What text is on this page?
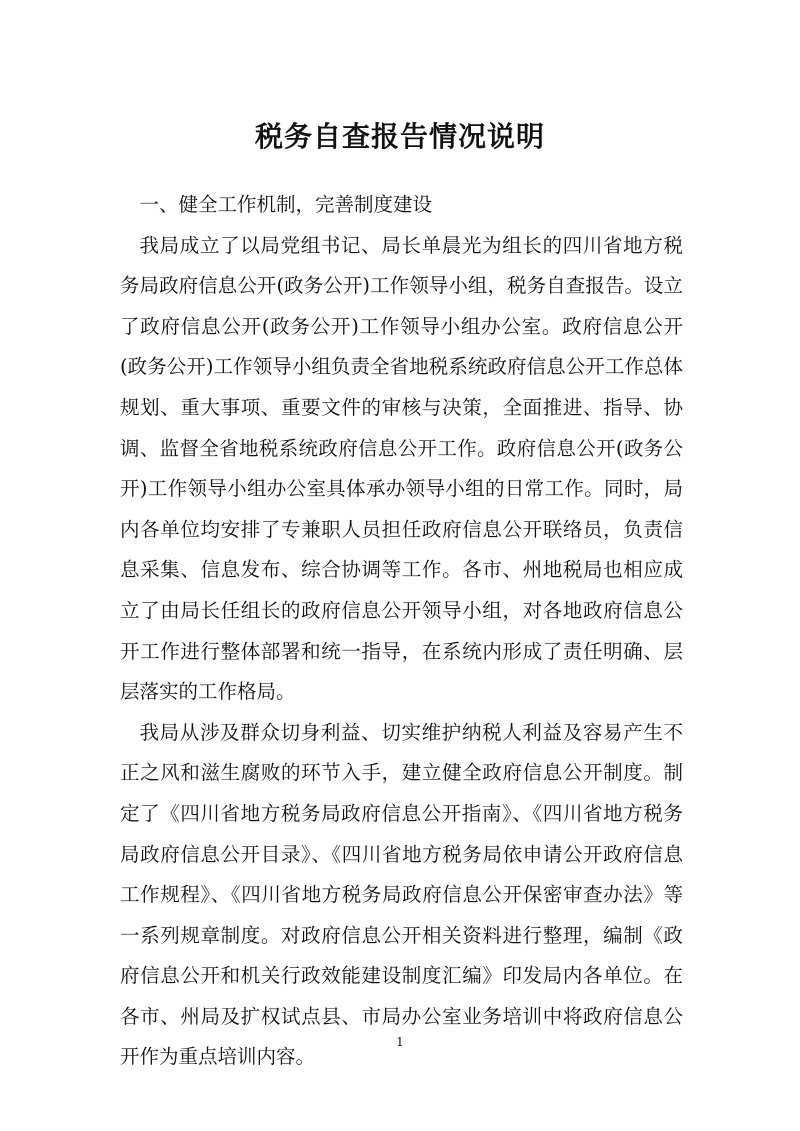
税务自查报告情况说明

一、健全工作机制，完善制度建设

我局成立了以局党组书记、局长单晨光为组长的四川省地方税务局政府信息公开(政务公开)工作领导小组，税务自查报告。设立了政府信息公开(政务公开)工作领导小组办公室。政府信息公开(政务公开)工作领导小组负责全省地税系统政府信息公开工作总体规划、重大事项、重要文件的审核与决策，全面推进、指导、协调、监督全省地税系统政府信息公开工作。政府信息公开(政务公开)工作领导小组办公室具体承办领导小组的日常工作。同时，局内各单位均安排了专兼职人员担任政府信息公开联络员，负责信息采集、信息发布、综合协调等工作。各市、州地税局也相应成立了由局长任组长的政府信息公开领导小组，对各地政府信息公开工作进行整体部署和统一指导，在系统内形成了责任明确、层层落实的工作格局。

我局从涉及群众切身利益、切实维护纳税人利益及容易产生不正之风和滋生腐败的环节入手，建立健全政府信息公开制度。制定了《四川省地方税务局政府信息公开指南》、《四川省地方税务局政府信息公开目录》、《四川省地方税务局依申请公开政府信息工作规程》、《四川省地方税务局政府信息公开保密审查办法》等一系列规章制度。对政府信息公开相关资料进行整理，编制《政府信息公开和机关行政效能建设制度汇编》印发局内各单位。在各市、州局及扩权试点县、市局办公室业务培训中将政府信息公开作为重点培训内容。

1
